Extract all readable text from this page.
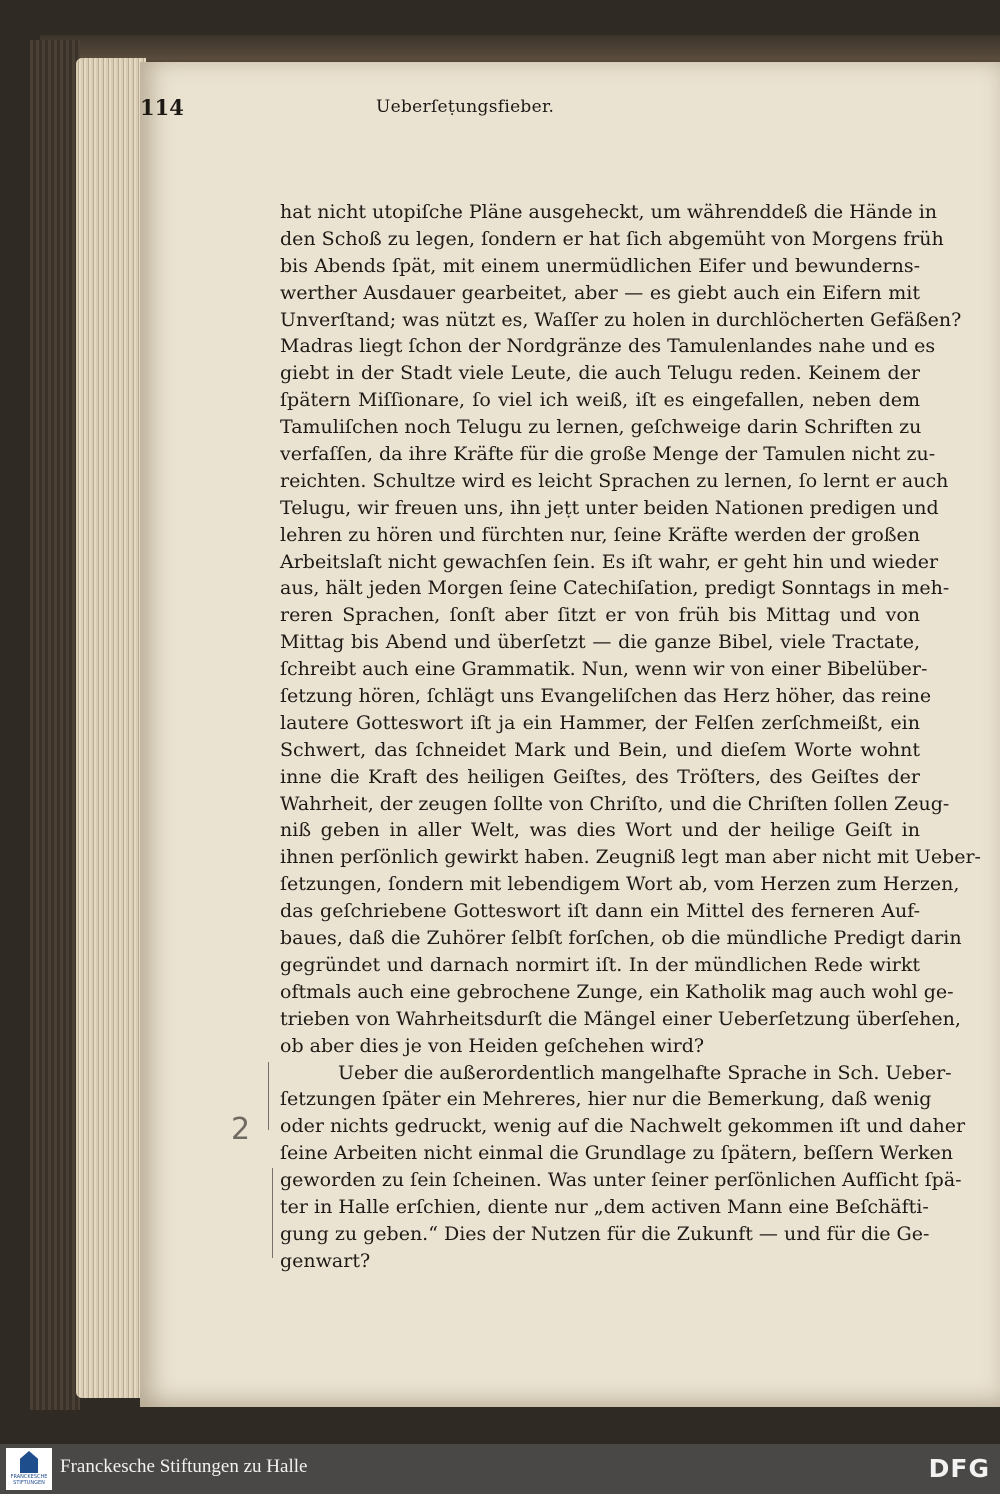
114	Ueberſeṭungsfieber.
hat nicht utopiſche Pläne ausgeheckt, um währenddeß die Hände in
den Schoß zu legen, ſondern er hat ſich abgemüht von Morgens früh
bis Abends ſpät, mit einem unermüdlichen Eifer und bewunderns-
werther Ausdauer gearbeitet, aber — es giebt auch ein Eifern mit
Unverſtand; was nützt es, Waſſer zu holen in durchlöcherten Gefäßen?
Madras liegt ſchon der Nordgränze des Tamulenlandes nahe und es
giebt in der Stadt viele Leute, die auch Telugu reden. Keinem der
ſpätern Miſſionare, ſo viel ich weiß, iſt es eingefallen, neben dem
Tamuliſchen noch Telugu zu lernen, geſchweige darin Schriften zu
verfaſſen, da ihre Kräfte für die große Menge der Tamulen nicht zu-
reichten. Schultze wird es leicht Sprachen zu lernen, ſo lernt er auch
Telugu, wir freuen uns, ihn jeṭt unter beiden Nationen predigen und
lehren zu hören und fürchten nur, ſeine Kräfte werden der großen
Arbeitslaſt nicht gewachſen ſein. Es iſt wahr, er geht hin und wieder
aus, hält jeden Morgen ſeine Catechiſation, predigt Sonntags in meh-
reren Sprachen, ſonſt aber ſitzt er von früh bis Mittag und von
Mittag bis Abend und überſetzt — die ganze Bibel, viele Tractate,
ſchreibt auch eine Grammatik. Nun, wenn wir von einer Bibelüber-
ſetzung hören, ſchlägt uns Evangeliſchen das Herz höher, das reine
lautere Gotteswort iſt ja ein Hammer, der Felſen zerſchmeißt, ein
Schwert, das ſchneidet Mark und Bein, und dieſem Worte wohnt
inne die Kraft des heiligen Geiſtes, des Tröſters, des Geiſtes der
Wahrheit, der zeugen ſollte von Chriſto, und die Chriſten ſollen Zeug-
niß geben in aller Welt, was dies Wort und der heilige Geiſt in
ihnen perſönlich gewirkt haben. Zeugniß legt man aber nicht mit Ueber-
ſetzungen, ſondern mit lebendigem Wort ab, vom Herzen zum Herzen,
das geſchriebene Gotteswort iſt dann ein Mittel des ferneren Auf-
baues, daß die Zuhörer ſelbſt forſchen, ob die mündliche Predigt darin
gegründet und darnach normirt iſt. In der mündlichen Rede wirkt
oftmals auch eine gebrochene Zunge, ein Katholik mag auch wohl ge-
trieben von Wahrheitsdurſt die Mängel einer Ueberſetzung überſehen,
ob aber dies je von Heiden geſchehen wird?
Ueber die außerordentlich mangelhafte Sprache in Sch. Ueber-
ſetzungen ſpäter ein Mehreres, hier nur die Bemerkung, daß wenig
oder nichts gedruckt, wenig auf die Nachwelt gekommen iſt und daher
ſeine Arbeiten nicht einmal die Grundlage zu ſpätern, beſſern Werken
geworden zu ſein ſcheinen. Was unter ſeiner perſönlichen Aufſicht ſpä-
ter in Halle erſchien, diente nur „dem activen Mann eine Beſchäfti-
gung zu geben.“ Dies der Nutzen für die Zukunft — und für die Ge-
genwart?
2
FRANCKESCHE STIFTUNGEN
Franckesche Stiftungen zu Halle	DFG
